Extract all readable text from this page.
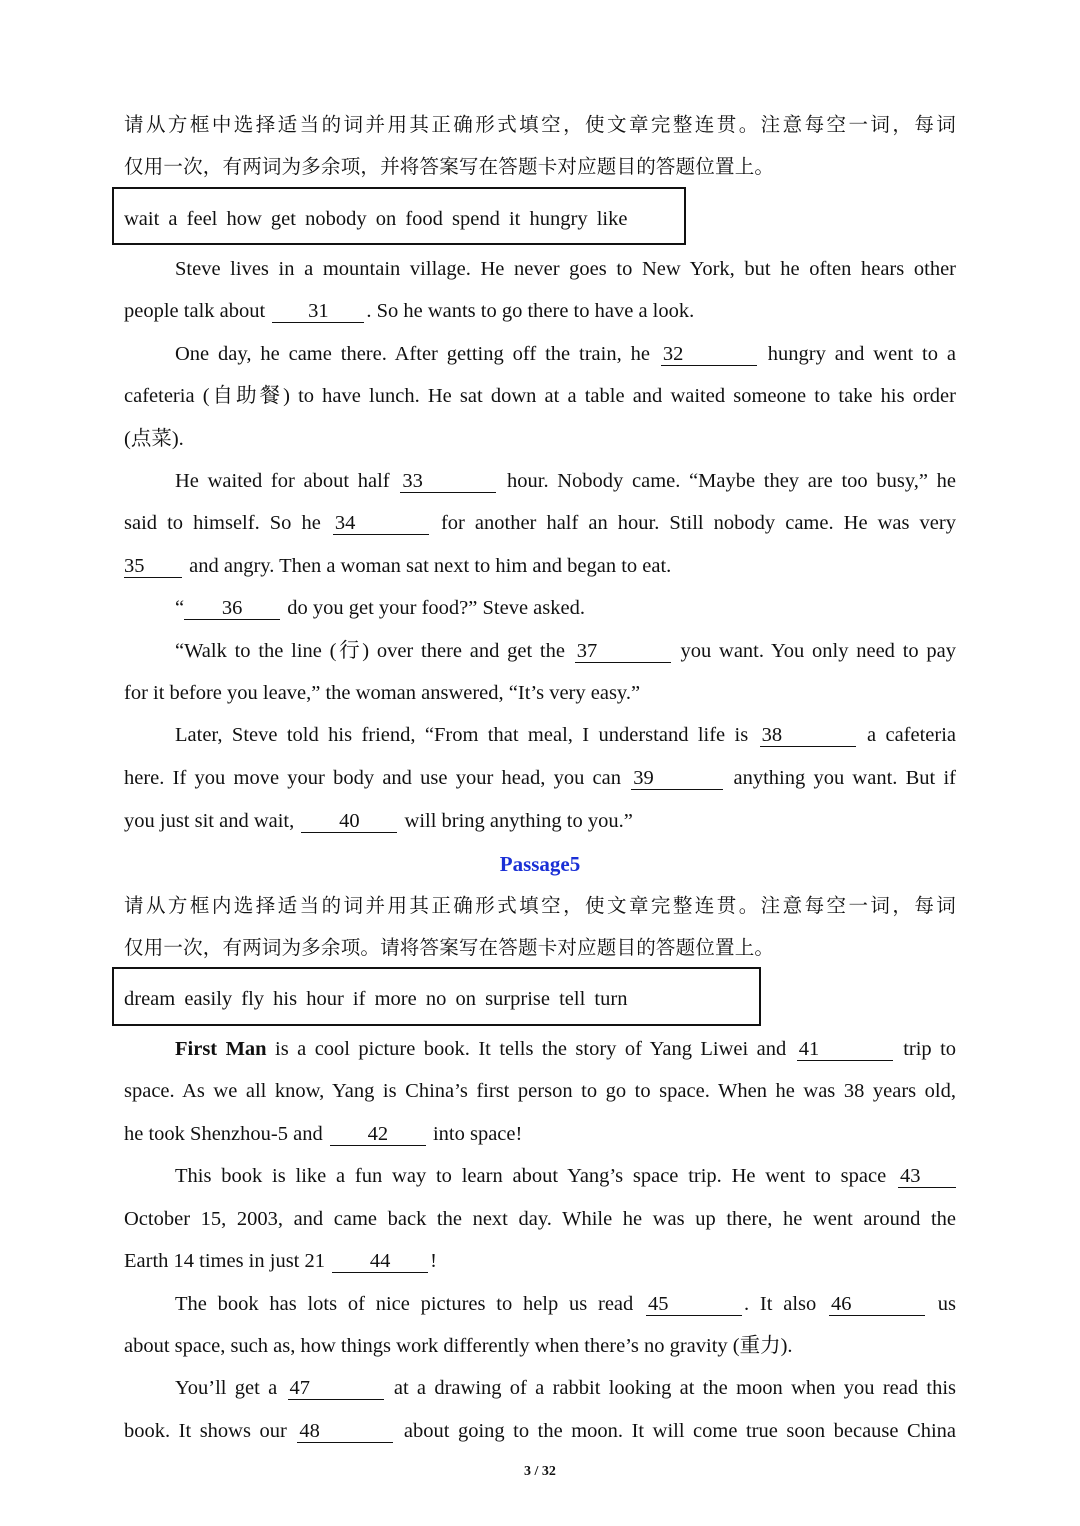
请从方框中选择适当的词并用其正确形式填空，使文章完整连贯。注意每空一词，每词
仅用一次，有两词为多余项，并将答案写在答题卡对应题目的答题位置上。
wait a feel how get nobody on food spend it hungry like
Steve lives in a mountain village. He never goes to New York, but he often hears other
people talk about 31 . So he wants to go there to have a look.
One day, he came there. After getting off the train, he 32	hungry and went to a
cafeteria (自助餐) to have lunch. He sat down at a table and waited someone to take his order
(点菜).
He waited for about half 33	hour. Nobody came. “Maybe they are too busy,” he
said to himself. So he 34	for another half an hour. Still nobody came. He was very
35 and angry. Then a woman sat next to him and began to eat.
“ 36 do you get your food?” Steve asked.
“Walk to the line (行) over there and get the 37	you want. You only need to pay
for it before you leave,” the woman answered, “It’s very easy.”
Later, Steve told his friend, “From that meal, I understand life is 38	a cafeteria
here. If you move your body and use your head, you can 39	anything you want. But if
you just sit and wait, 40 will bring anything to you.”
Passage5
请从方框内选择适当的词并用其正确形式填空，使文章完整连贯。注意每空一词，每词
仅用一次，有两词为多余项。请将答案写在答题卡对应题目的答题位置上。
dream easily fly his hour if more no on surprise tell turn
First Man is a cool picture book. It tells the story of Yang Liwei and 41	trip to
space. As we all know, Yang is China’s first person to go to space. When he was 38 years old,
he took Shenzhou-5 and 42 into space!
This book is like a fun way to learn about Yang’s space trip. He went to space 43
October 15, 2003, and came back the next day. While he was up there, he went around the
Earth 14 times in just 21 44 !
The book has lots of nice pictures to help us read 45	. It also 46	us
about space, such as, how things work differently when there’s no gravity (重力).
You’ll get a 47	at a drawing of a rabbit looking at the moon when you read this
book. It shows our 48	about going to the moon. It will come true soon because China
3 / 32
